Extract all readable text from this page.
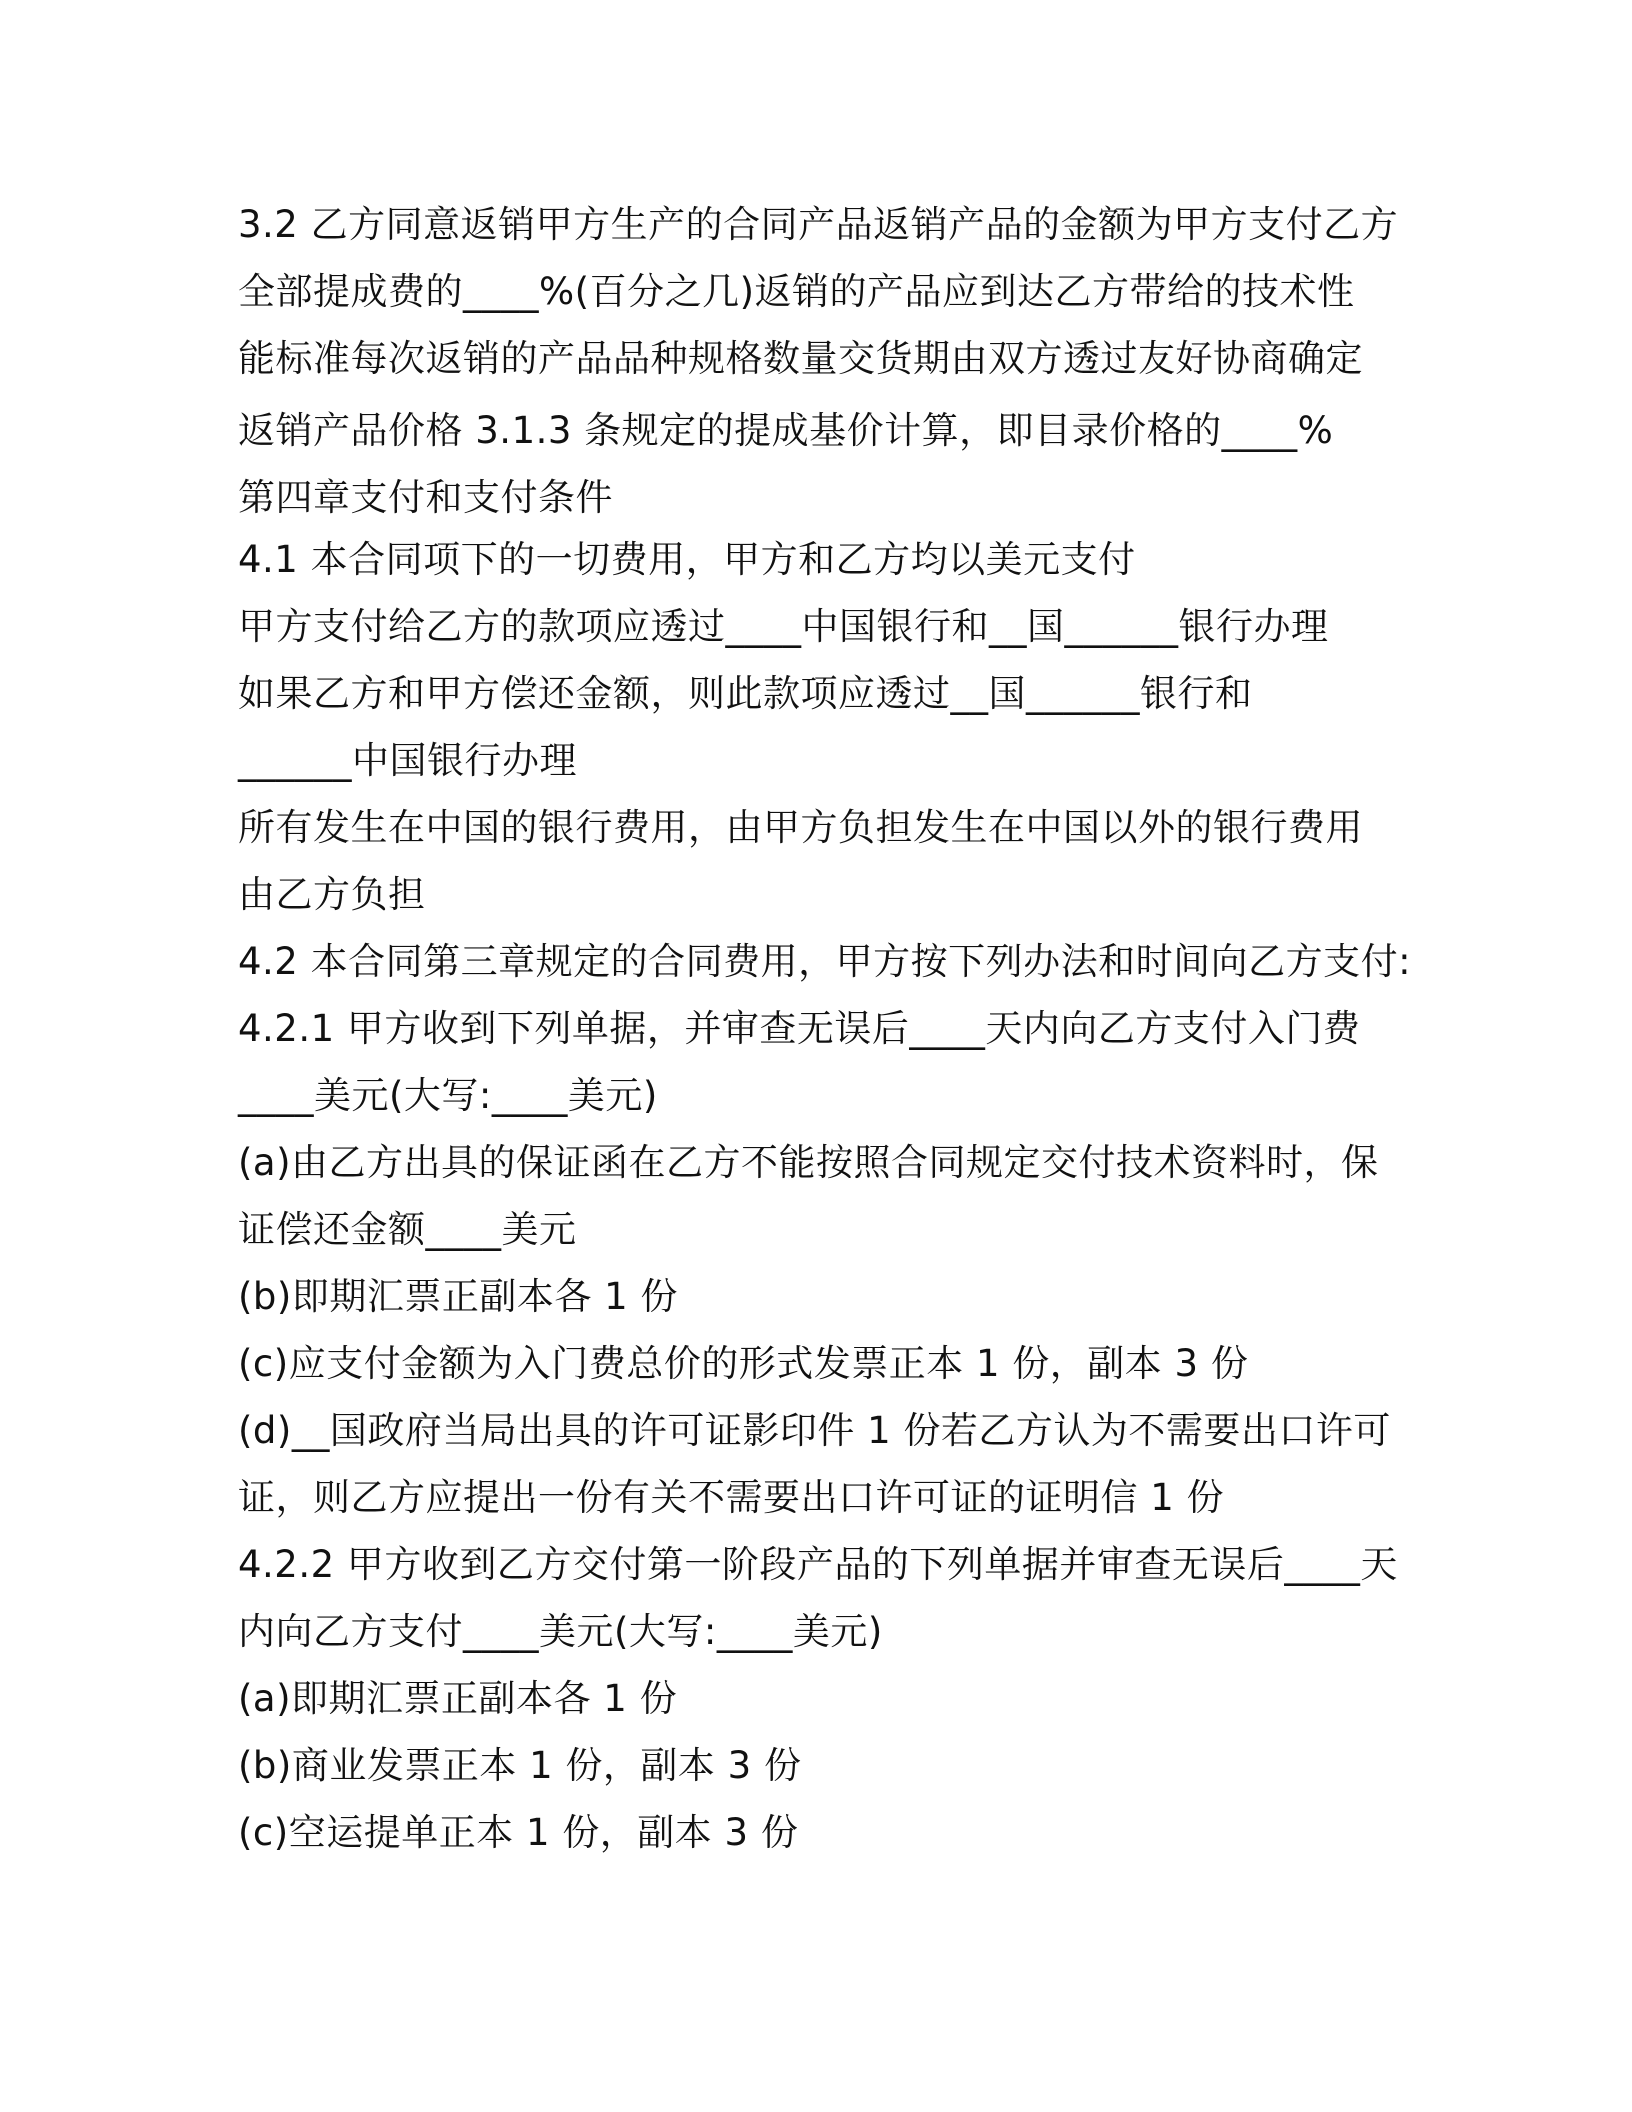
3.2 乙方同意返销甲方生产的合同产品返销产品的金额为甲方支付乙方
全部提成费的____%(百分之几)返销的产品应到达乙方带给的技术性
能标准每次返销的产品品种规格数量交货期由双方透过友好协商确定
返销产品价格 3.1.3 条规定的提成基价计算，即目录价格的____%
第四章支付和支付条件
4.1 本合同项下的一切费用，甲方和乙方均以美元支付
甲方支付给乙方的款项应透过____中国银行和__国______银行办理
如果乙方和甲方偿还金额，则此款项应透过__国______银行和
______中国银行办理
所有发生在中国的银行费用，由甲方负担发生在中国以外的银行费用
由乙方负担
4.2 本合同第三章规定的合同费用，甲方按下列办法和时间向乙方支付:
4.2.1 甲方收到下列单据，并审查无误后____天内向乙方支付入门费
____美元(大写:____美元)
(a)由乙方出具的保证函在乙方不能按照合同规定交付技术资料时，保
证偿还金额____美元
(b)即期汇票正副本各 1 份
(c)应支付金额为入门费总价的形式发票正本 1 份，副本 3 份
(d)__国政府当局出具的许可证影印件 1 份若乙方认为不需要出口许可
证，则乙方应提出一份有关不需要出口许可证的证明信 1 份
4.2.2 甲方收到乙方交付第一阶段产品的下列单据并审查无误后____天
内向乙方支付____美元(大写:____美元)
(a)即期汇票正副本各 1 份
(b)商业发票正本 1 份，副本 3 份
(c)空运提单正本 1 份，副本 3 份
